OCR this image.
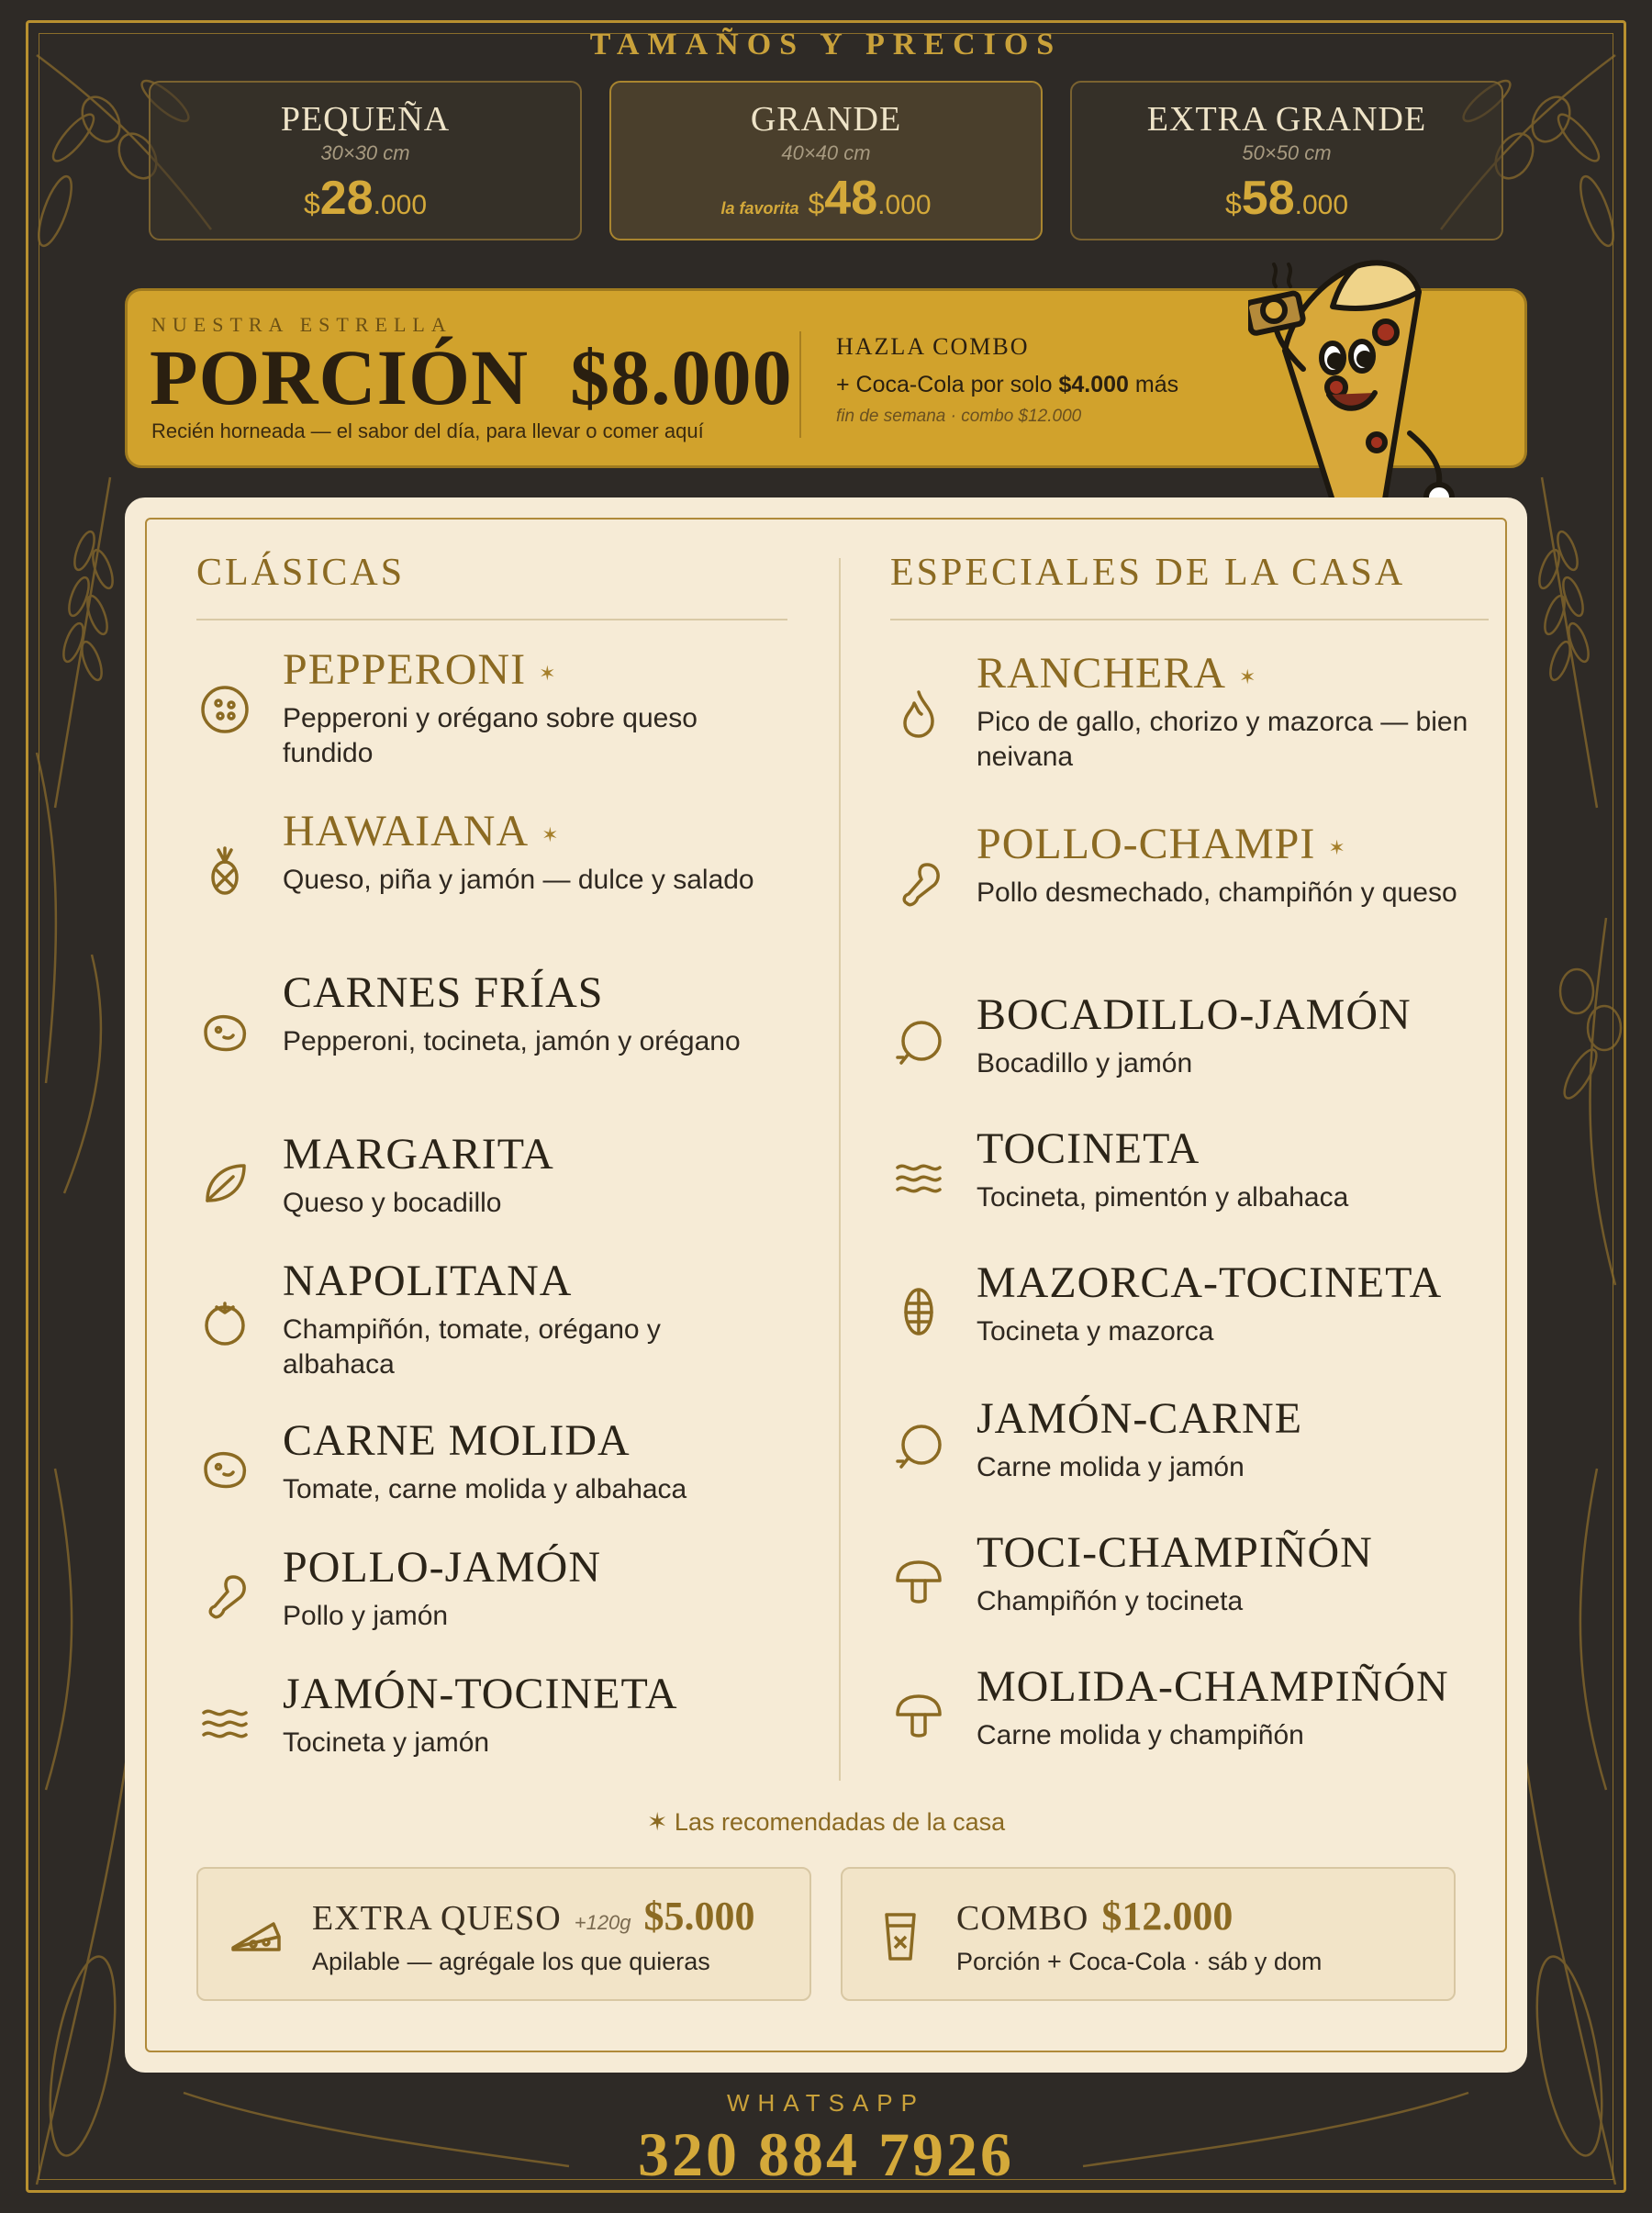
TAMAÑOS Y PRECIOS
PEQUEÑA
30×30 cm
$28.000
GRANDE
40×40 cm
la favorita $48.000
EXTRA GRANDE
50×50 cm
$58.000
NUESTRA ESTRELLA
PORCIÓN  $8.000
Recién horneada — el sabor del día, para llevar o comer aquí
HAZLA COMBO
+ Coca-Cola por solo $4.000 más
fin de semana · combo $12.000
CLÁSICAS	ESPECIALES DE LA CASA
PEPPERONI ✶
Pepperoni y orégano sobre queso fundido
HAWAIANA ✶
Queso, piña y jamón — dulce y salado
CARNES FRÍAS
Pepperoni, tocineta, jamón y orégano
MARGARITA
Queso y bocadillo
NAPOLITANA
Champiñón, tomate, orégano y albahaca
CARNE MOLIDA
Tomate, carne molida y albahaca
POLLO-JAMÓN
Pollo y jamón
JAMÓN-TOCINETA
Tocineta y jamón
RANCHERA ✶
Pico de gallo, chorizo y mazorca — bien neivana
POLLO-CHAMPI ✶
Pollo desmechado, champiñón y queso
BOCADILLO-JAMÓN
Bocadillo y jamón
TOCINETA
Tocineta, pimentón y albahaca
MAZORCA-TOCINETA
Tocineta y mazorca
JAMÓN-CARNE
Carne molida y jamón
TOCI-CHAMPIÑÓN
Champiñón y tocineta
MOLIDA-CHAMPIÑÓN
Carne molida y champiñón
✶ Las recomendadas de la casa
EXTRA QUESO +120g $5.000
Apilable — agrégale los que quieras
COMBO $12.000
Porción + Coca-Cola · sáb y dom
WHATSAPP
320 884 7926
